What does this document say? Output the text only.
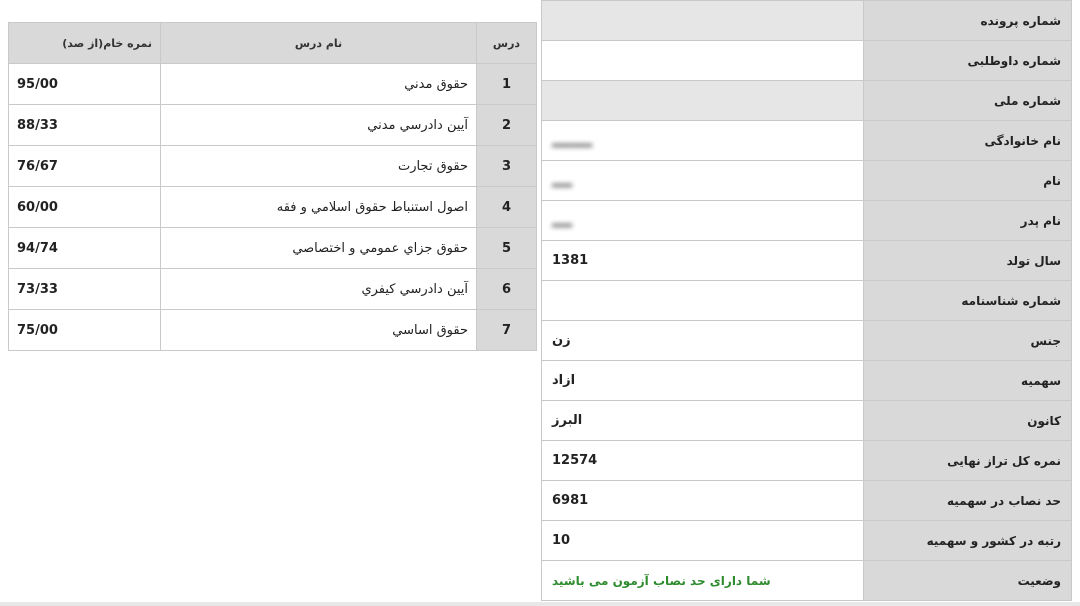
درس	نام درس	نمره خام(از صد)
1	حقوق مدني	95/00
2	آيين دادرسي مدني	88/33
3	حقوق تجارت	76/67
4	اصول استنباط حقوق اسلامي و فقه	60/00
5	حقوق جزاي عمومي و اختصاصي	94/74
6	آيين دادرسي كيفري	73/33
7	حقوق اساسي	75/00
شماره پرونده	
شماره داوطلبی	
شماره ملی	
نام خانوادگی	▂▂▂▂
نام	▂▂
نام پدر	▂▂
سال تولد	1381
شماره شناسنامه	
جنس	زن
سهمیه	ازاد
کانون	البرز
نمره کل تراز نهایی	12574
حد نصاب در سهمیه	6981
رتبه در کشور و سهمیه	10
وضعیت	شما دارای حد نصاب آزمون می باشید
